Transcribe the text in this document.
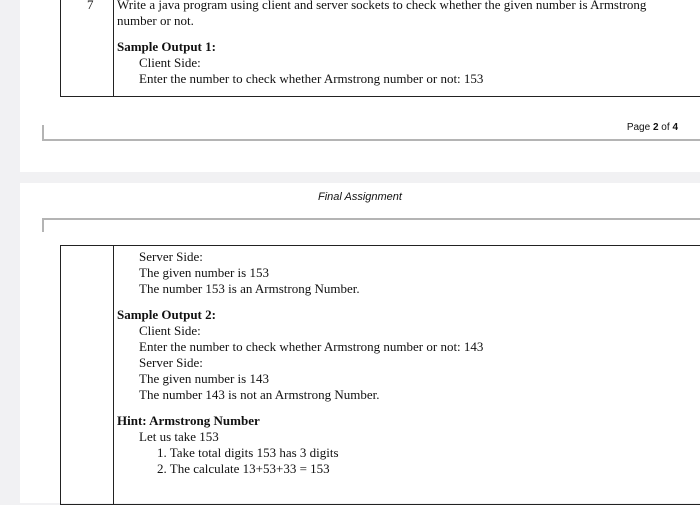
7 Write a java program using client and server sockets to check whether the given number is Armstrong
number or not.
Sample Output 1:
Client Side:
Enter the number to check whether Armstrong number or not: 153
Page 2 of 4
Final Assignment
Server Side:
The given number is 153
The number 153 is an Armstrong Number.
Sample Output 2:
Client Side:
Enter the number to check whether Armstrong number or not: 143
Server Side:
The given number is 143
The number 143 is not an Armstrong Number.
Hint: Armstrong Number
Let us take 153
1. Take total digits 153 has 3 digits
2. The calculate 13+53+33 = 153
